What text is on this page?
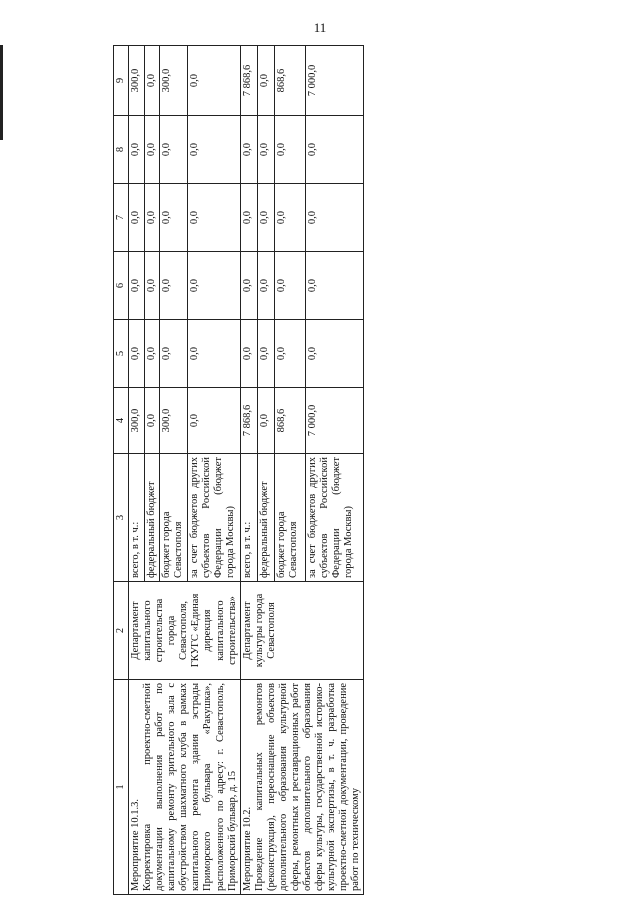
11
1	2	3	4	5	6	7	8	9

Мероприятие 10.1.3. Корректировка проектно-сметной документации выполнения работ по капитальному ремонту зрительного зала с обустройством шахматного клуба в рамках капитального ремонта здания эстрады Приморского бульвара «Ракушка», расположенного по адресу: г. Севастополь, Приморский бульвар, д. 15	Департамент капитального строительства города Севастополя, ГКУГС «Единая дирекция капитального строительства»	всего, в т. ч.:	300,0	0,0	0,0	0,0	0,0	300,0
		федеральный бюджет	0,0	0,0	0,0	0,0	0,0	0,0
		бюджет города Севастополя	300,0	0,0	0,0	0,0	0,0	300,0
		за счет бюджетов других субъектов Российской Федерации (бюджет города Москвы)	0,0	0,0	0,0	0,0	0,0	0,0

Мероприятие 10.2. Проведение капитальных ремонтов (реконструкция), переоснащение объектов дополнительного образования культурной сферы, ремонтных и реставрационных работ объектов дополнительного образования сферы культуры, государственной историко-культурной экспертизы, в т. ч. разработка проектно-сметной документации, проведение работ по техническому	Департамент культуры города Севастополя	всего, в т. ч.:	7 868,6	0,0	0,0	0,0	0,0	7 868,6
		федеральный бюджет	0,0	0,0	0,0	0,0	0,0	0,0
		бюджет города Севастополя	868,6	0,0	0,0	0,0	0,0	868,6
		за счет бюджетов других субъектов Российской Федерации (бюджет города Москвы)	7 000,0	0,0	0,0	0,0	0,0	7 000,0
